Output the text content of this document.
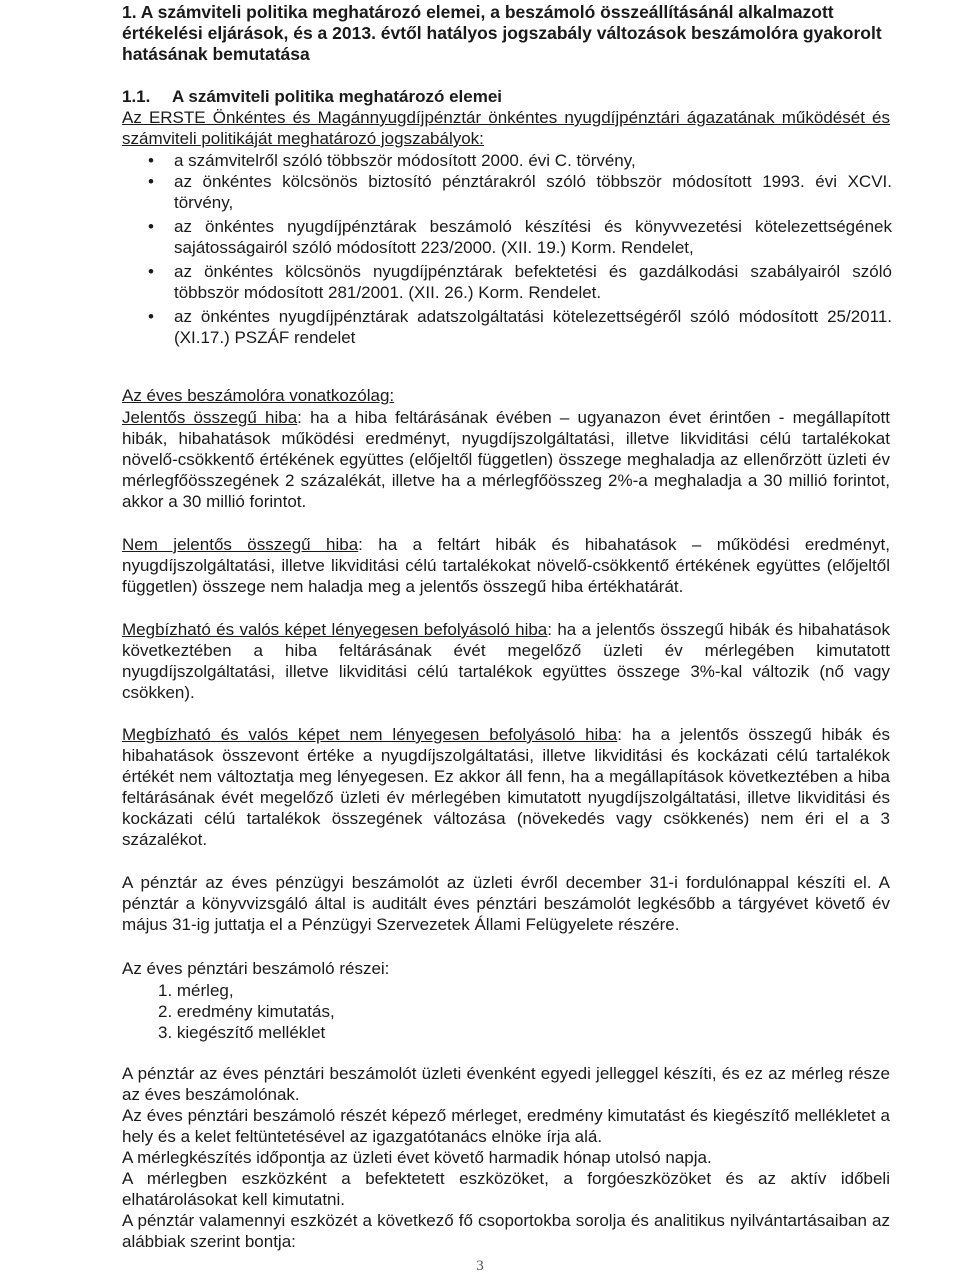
1. A számviteli politika meghatározó elemei, a beszámoló összeállításánál alkalmazott értékelési eljárások, és a 2013. évtől hatályos jogszabály változások beszámolóra gyakorolt hatásának bemutatása

1.1. A számviteli politika meghatározó elemei

Az ERSTE Önkéntes és Magánnyugdíjpénztár önkéntes nyugdíjpénztári ágazatának működését és számviteli politikáját meghatározó jogszabályok:

• a számvitelről szóló többször módosított 2000. évi C. törvény,
• az önkéntes kölcsönös biztosító pénztárakról szóló többször módosított 1993. évi XCVI. törvény,
• az önkéntes nyugdíjpénztárak beszámoló készítési és könyvvezetési kötelezettségének sajátosságairól szóló módosított 223/2000. (XII. 19.) Korm. Rendelet,
• az önkéntes kölcsönös nyugdíjpénztárak befektetési és gazdálkodási szabályairól szóló többször módosított 281/2001. (XII. 26.) Korm. Rendelet.
• az önkéntes nyugdíjpénztárak adatszolgáltatási kötelezettségéről szóló módosított 25/2011. (XI.17.) PSZÁF rendelet

Az éves beszámolóra vonatkozólag:

Jelentős összegű hiba: ha a hiba feltárásának évében – ugyanazon évet érintően - megállapított hibák, hibahatások működési eredményt, nyugdíjszolgáltatási, illetve likviditási célú tartalékokat növelő-csökkentő értékének együttes (előjeltől független) összege meghaladja az ellenőrzött üzleti év mérlegfőösszegének 2 százalékát, illetve ha a mérlegfőösszeg 2%-a meghaladja a 30 millió forintot, akkor a 30 millió forintot.

Nem jelentős összegű hiba: ha a feltárt hibák és hibahatások – működési eredményt, nyugdíjszolgáltatási, illetve likviditási célú tartalékokat növelő-csökkentő értékének együttes (előjeltől független) összege nem haladja meg a jelentős összegű hiba értékhatárát.

Megbízható és valós képet lényegesen befolyásoló hiba: ha a jelentős összegű hibák és hibahatások következtében a hiba feltárásának évét megelőző üzleti év mérlegében kimutatott nyugdíjszolgáltatási, illetve likviditási célú tartalékok együttes összege 3%-kal változik (nő vagy csökken).

Megbízható és valós képet nem lényegesen befolyásoló hiba: ha a jelentős összegű hibák és hibahatások összevont értéke a nyugdíjszolgáltatási, illetve likviditási és kockázati célú tartalékok értékét nem változtatja meg lényegesen. Ez akkor áll fenn, ha a megállapítások következtében a hiba feltárásának évét megelőző üzleti év mérlegében kimutatott nyugdíjszolgáltatási, illetve likviditási és kockázati célú tartalékok összegének változása (növekedés vagy csökkenés) nem éri el a 3 százalékot.

A pénztár az éves pénzügyi beszámolót az üzleti évről december 31-i fordulónappal készíti el. A pénztár a könyvvizsgáló által is auditált éves pénztári beszámolót legkésőbb a tárgyévet követő év május 31-ig juttatja el a Pénzügyi Szervezetek Állami Felügyelete részére.

Az éves pénztári beszámoló részei:

1. mérleg,
2. eredmény kimutatás,
3. kiegészítő melléklet

A pénztár az éves pénztári beszámolót üzleti évenként egyedi jelleggel készíti, és ez az mérleg része az éves beszámolónak.

Az éves pénztári beszámoló részét képező mérleget, eredmény kimutatást és kiegészítő mellékletet a hely és a kelet feltüntetésével az igazgatótanács elnöke írja alá.

A mérlegkészítés időpontja az üzleti évet követő harmadik hónap utolsó napja.

A mérlegben eszközként a befektetett eszközöket, a forgóeszközöket és az aktív időbeli elhatárolásokat kell kimutatni.

A pénztár valamennyi eszközét a következő fő csoportokba sorolja és analitikus nyilvántartásaiban az alábbiak szerint bontja:

3
